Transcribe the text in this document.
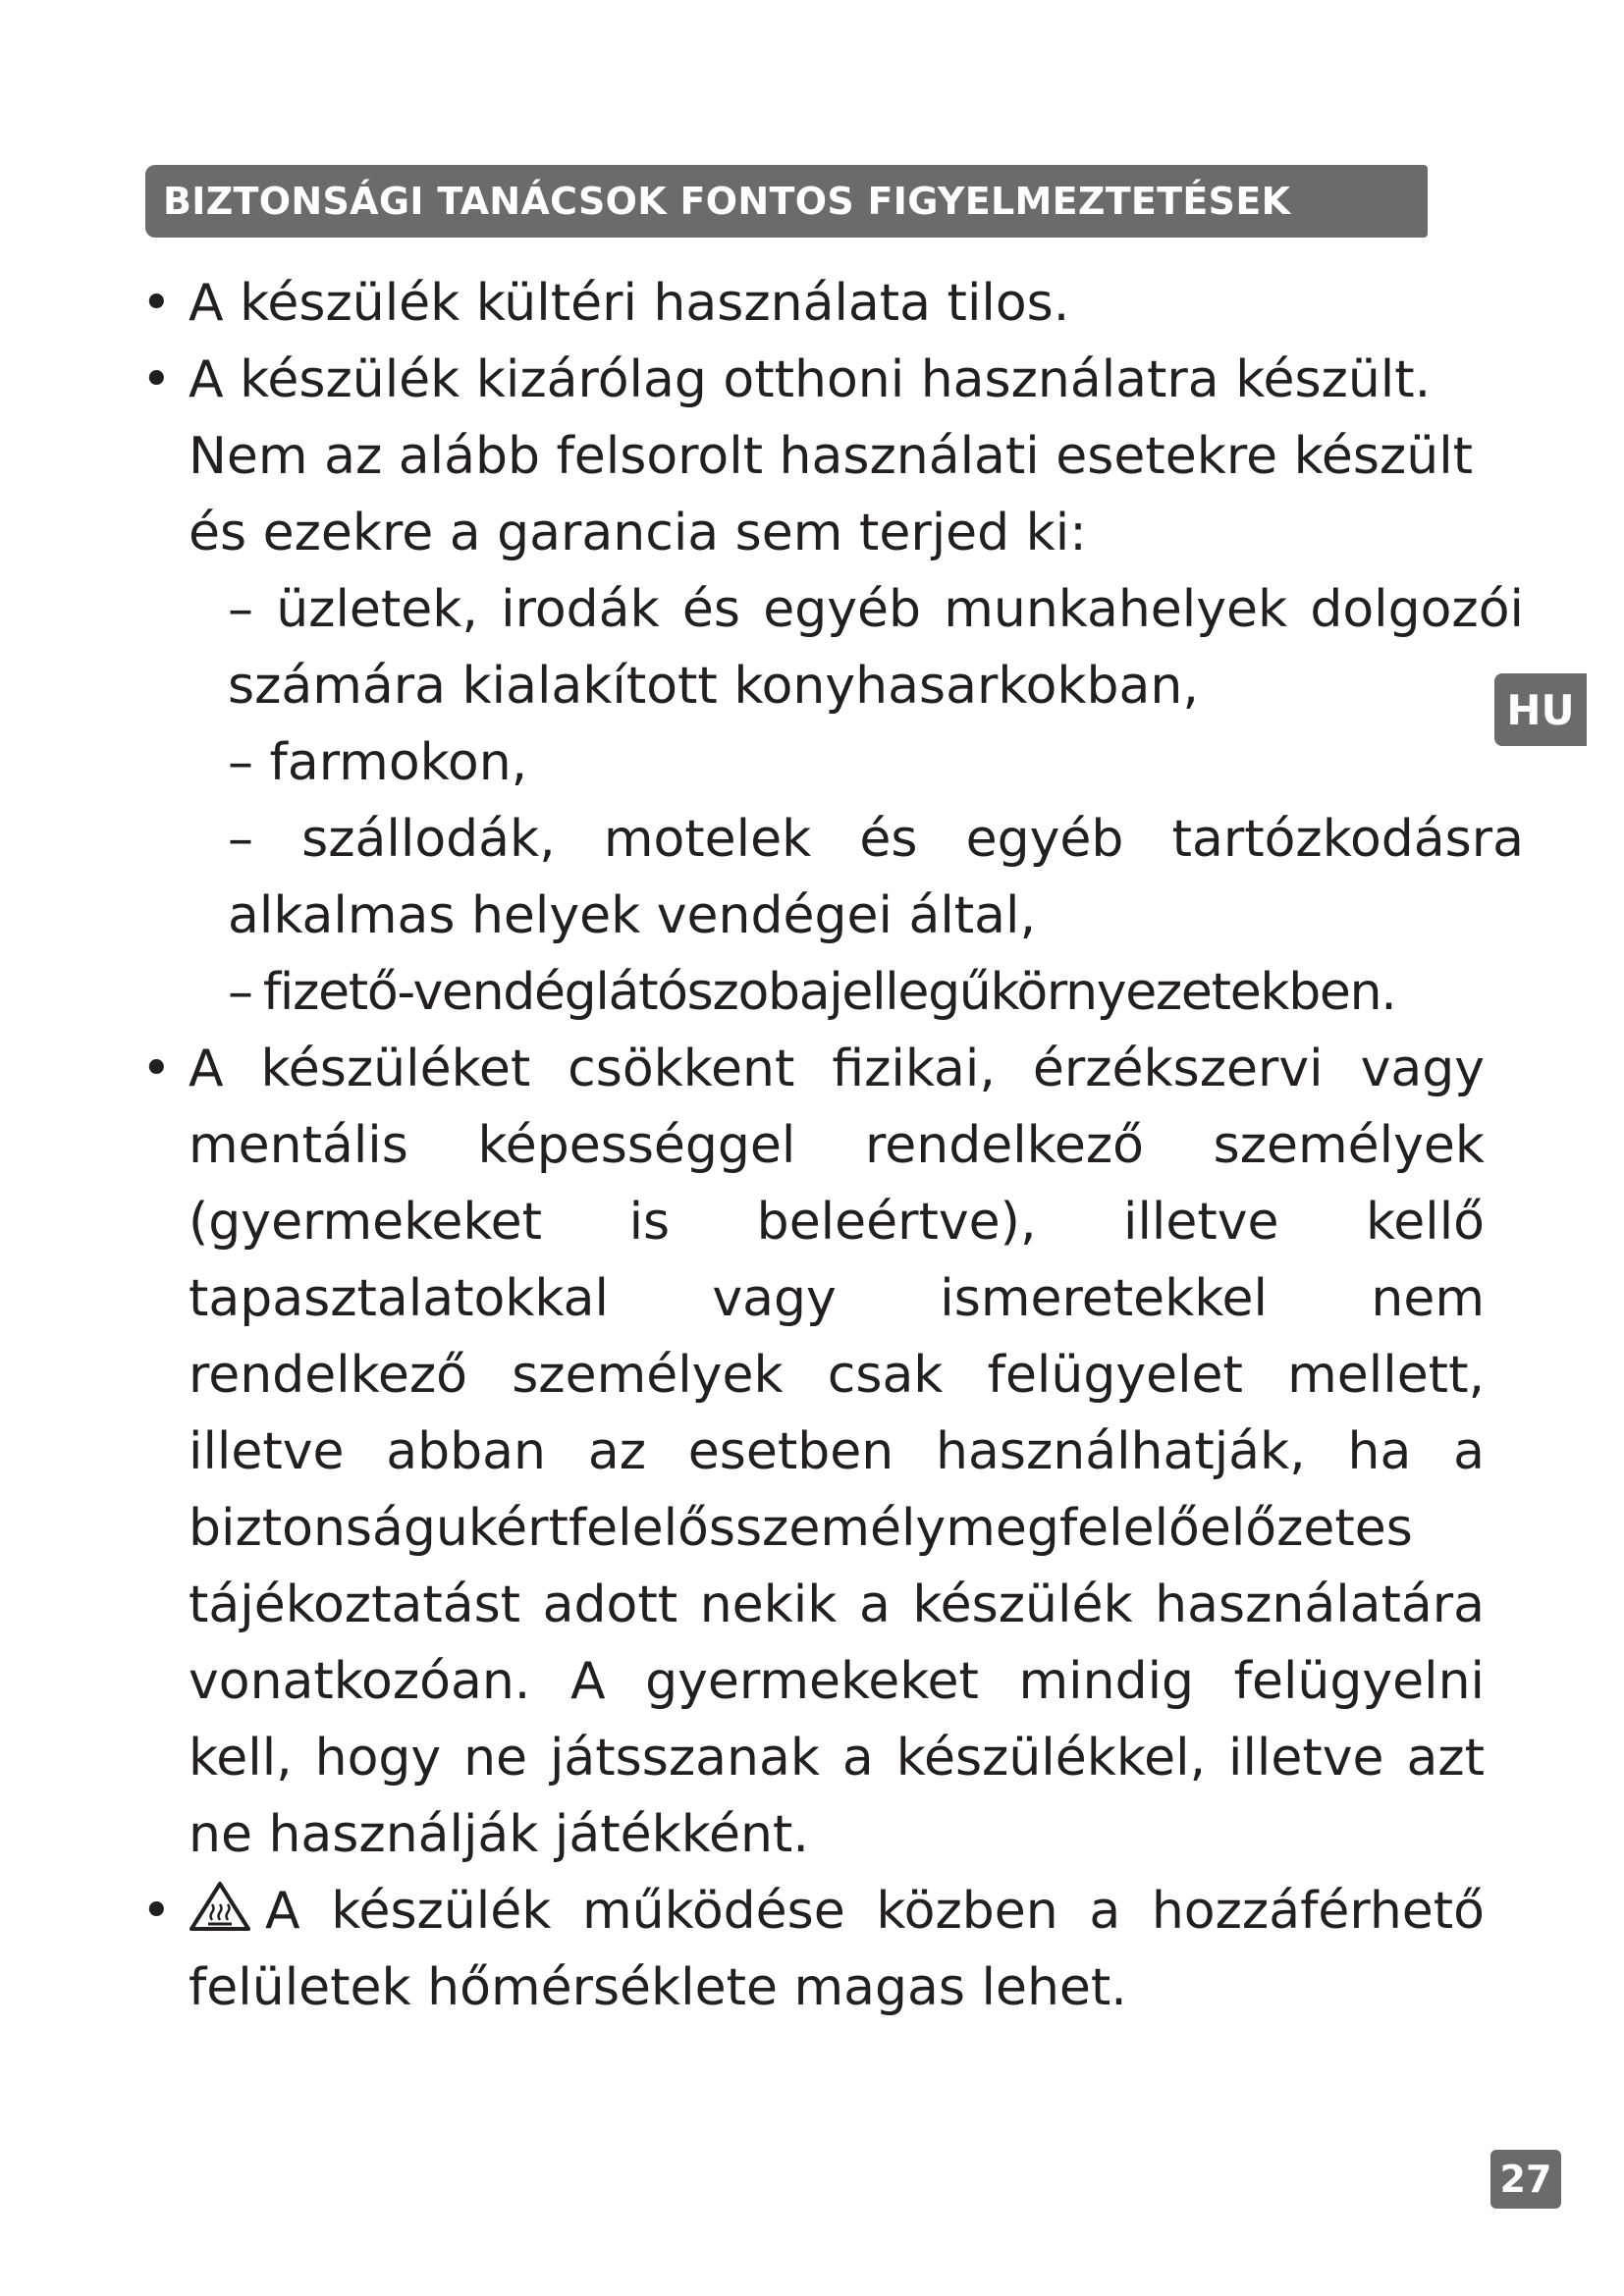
BIZTONSÁGI TANÁCSOK FONTOS FIGYELMEZTETÉSEK
HU
• A készülék kültéri használata tilos.
• A készülék kizárólag otthoni használatra készült. Nem az alább felsorolt használati esetekre készült és ezekre a garancia sem terjed ki:
– üzletek, irodák és egyéb munkahelyek dolgozói számára kialakított konyhasarkokban,
– farmokon,
– szállodák, motelek és egyéb tartózkodásra alkalmas helyek vendégei által,
– fizető-vendéglátószobajellegűkörnyezetekben.
• A készüléket csökkent fizikai, érzékszervi vagy mentális képességgel rendelkező személyek (gyermekeket is beleértve), illetve kellő tapasztalatokkal vagy ismeretekkel nem rendelkező személyek csak felügyelet mellett, illetve abban az esetben használhatják, ha a biztonságukértfelelősszemélymegfelelőelőzetes tájékoztatást adott nekik a készülék használatára vonatkozóan. A gyermekeket mindig felügyelni kell, hogy ne játsszanak a készülékkel, illetve azt ne használják játékként.
•	A készülék működése közben a hozzáférhető felületek hőmérséklete magas lehet.
27
